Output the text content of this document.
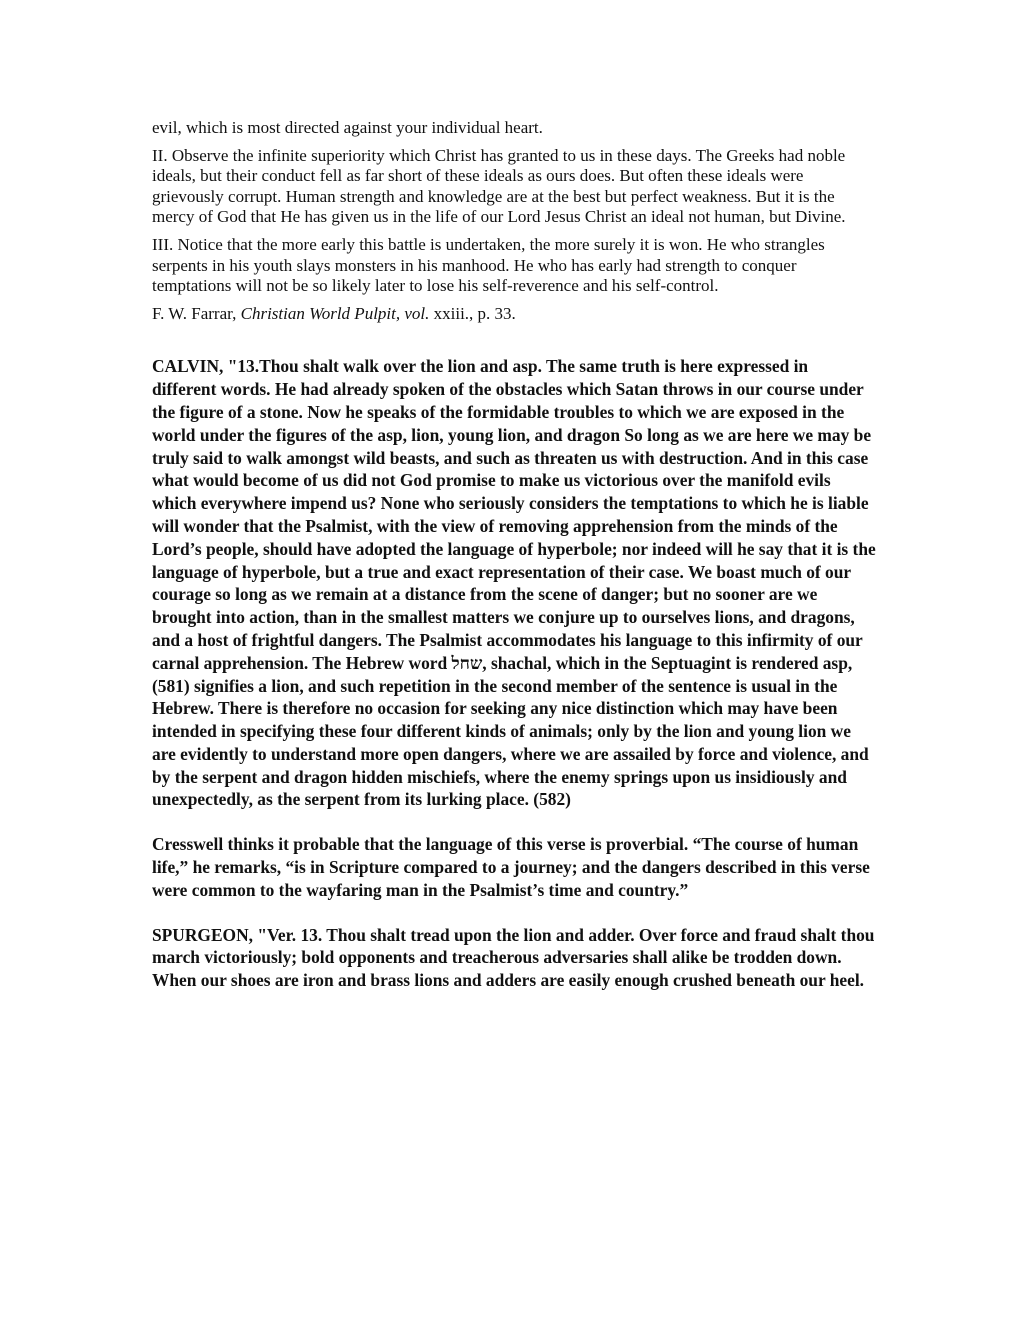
evil, which is most directed against your individual heart.

II. Observe the infinite superiority which Christ has granted to us in these days. The Greeks had noble ideals, but their conduct fell as far short of these ideals as ours does. But often these ideals were grievously corrupt. Human strength and knowledge are at the best but perfect weakness. But it is the mercy of God that He has given us in the life of our Lord Jesus Christ an ideal not human, but Divine.

III. Notice that the more early this battle is undertaken, the more surely it is won. He who strangles serpents in his youth slays monsters in his manhood. He who has early had strength to conquer temptations will not be so likely later to lose his self-reverence and his self-control.

F. W. Farrar, Christian World Pulpit, vol. xxiii., p. 33.

CALVIN, "13.Thou shalt walk over the lion and asp. The same truth is here expressed in different words. He had already spoken of the obstacles which Satan throws in our course under the figure of a stone. Now he speaks of the formidable troubles to which we are exposed in the world under the figures of the asp, lion, young lion, and dragon So long as we are here we may be truly said to walk amongst wild beasts, and such as threaten us with destruction. And in this case what would become of us did not God promise to make us victorious over the manifold evils which everywhere impend us? None who seriously considers the temptations to which he is liable will wonder that the Psalmist, with the view of removing apprehension from the minds of the Lord’s people, should have adopted the language of hyperbole; nor indeed will he say that it is the language of hyperbole, but a true and exact representation of their case. We boast much of our courage so long as we remain at a distance from the scene of danger; but no sooner are we brought into action, than in the smallest matters we conjure up to ourselves lions, and dragons, and a host of frightful dangers. The Psalmist accommodates his language to this infirmity of our carnal apprehension. The Hebrew word שחל, shachal, which in the Septuagint is rendered asp, (581) signifies a lion, and such repetition in the second member of the sentence is usual in the Hebrew. There is therefore no occasion for seeking any nice distinction which may have been intended in specifying these four different kinds of animals; only by the lion and young lion we are evidently to understand more open dangers, where we are assailed by force and violence, and by the serpent and dragon hidden mischiefs, where the enemy springs upon us insidiously and unexpectedly, as the serpent from its lurking place. (582)

Cresswell thinks it probable that the language of this verse is proverbial. “The course of human life,” he remarks, “is in Scripture compared to a journey; and the dangers described in this verse were common to the wayfaring man in the Psalmist’s time and country.”

SPURGEON, "Ver. 13. Thou shalt tread upon the lion and adder. Over force and fraud shalt thou march victoriously; bold opponents and treacherous adversaries shall alike be trodden down. When our shoes are iron and brass lions and adders are easily enough crushed beneath our heel.
